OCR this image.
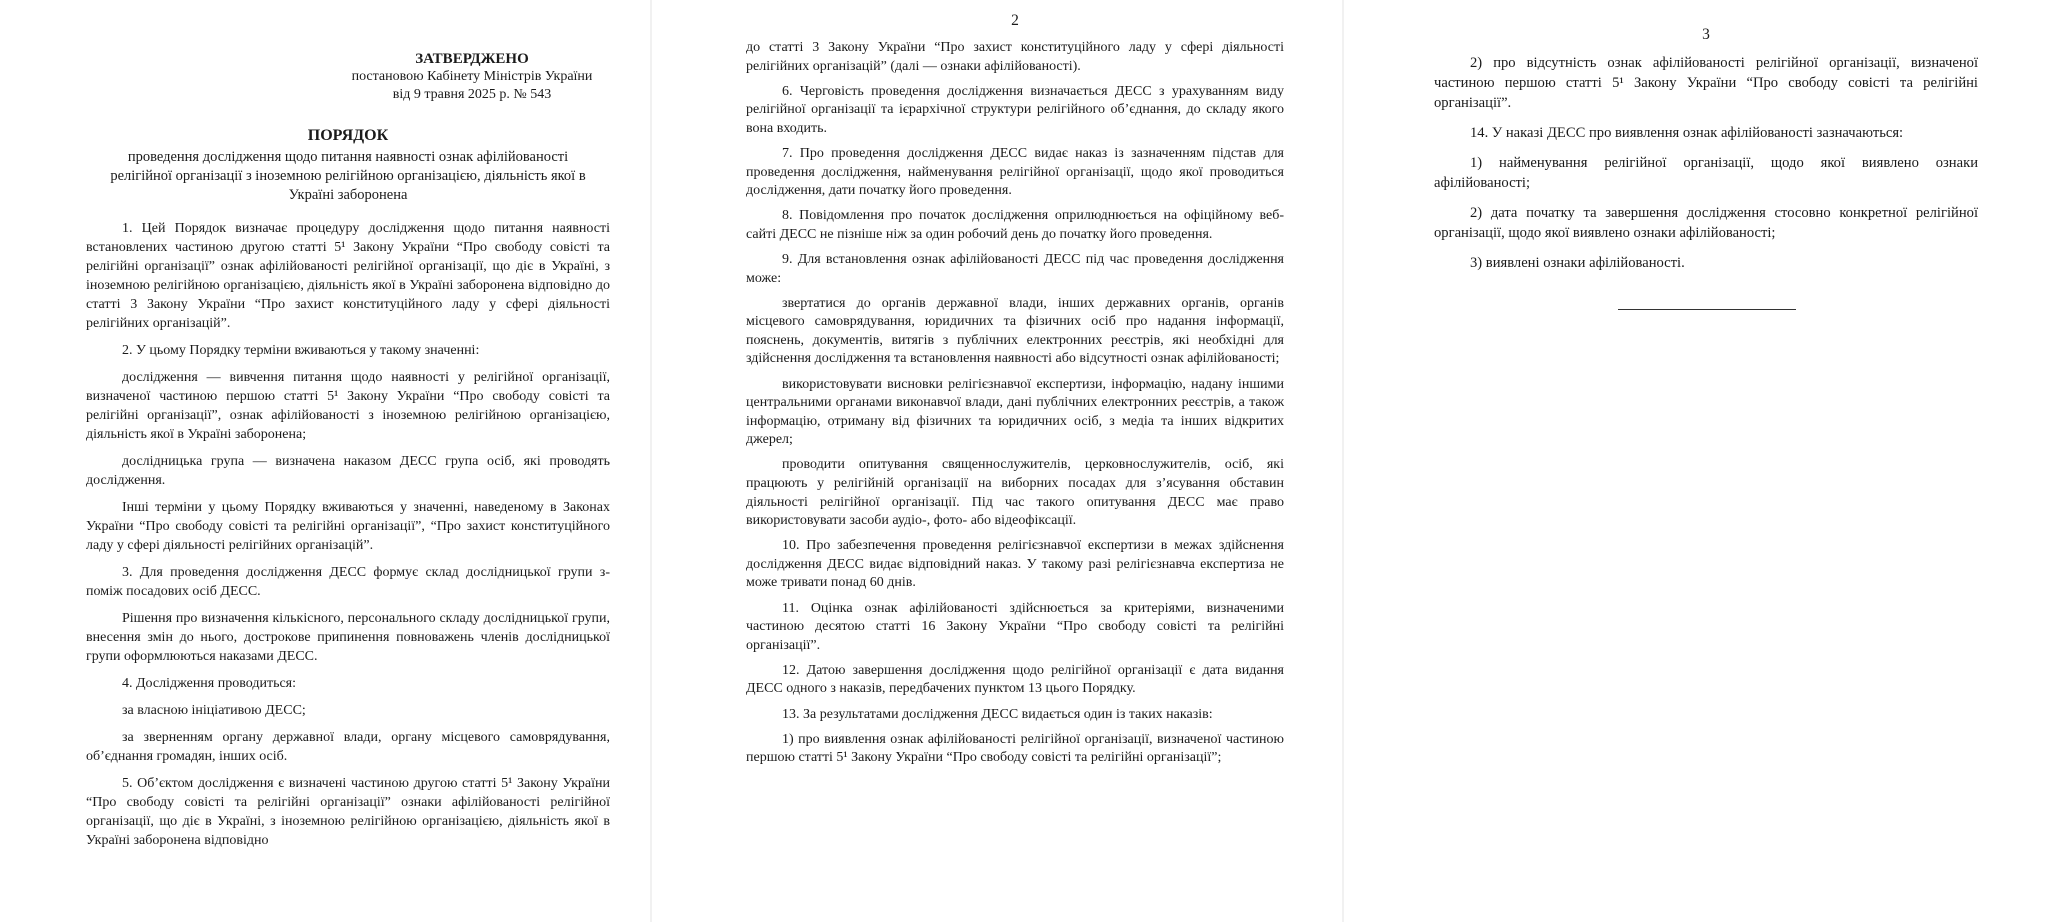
ЗАТВЕРДЖЕНО
постановою Кабінету Міністрів України
від 9 травня 2025 р. № 543
ПОРЯДОК
проведення дослідження щодо питання наявності ознак афілійованості релігійної організації з іноземною релігійною організацією, діяльність якої в Україні заборонена

1. Цей Порядок визначає процедуру дослідження щодо питання наявності встановлених частиною другою статті 5¹ Закону України “Про свободу совісті та релігійні організації” ознак афілійованості релігійної організації, що діє в Україні, з іноземною релігійною організацією, діяльність якої в Україні заборонена відповідно до статті 3 Закону України “Про захист конституційного ладу у сфері діяльності релігійних організацій”.

2. У цьому Порядку терміни вживаються у такому значенні:

дослідження — вивчення питання щодо наявності у релігійної організації, визначеної частиною першою статті 5¹ Закону України “Про свободу совісті та релігійні організації”, ознак афілійованості з іноземною релігійною організацією, діяльність якої в Україні заборонена;

дослідницька група — визначена наказом ДЕСС група осіб, які проводять дослідження.

Інші терміни у цьому Порядку вживаються у значенні, наведеному в Законах України “Про свободу совісті та релігійні організації”, “Про захист конституційного ладу у сфері діяльності релігійних організацій”.

3. Для проведення дослідження ДЕСС формує склад дослідницької групи з-поміж посадових осіб ДЕСС.

Рішення про визначення кількісного, персонального складу дослідницької групи, внесення змін до нього, дострокове припинення повноважень членів дослідницької групи оформлюються наказами ДЕСС.

4. Дослідження проводиться:

за власною ініціативою ДЕСС;

за зверненням органу державної влади, органу місцевого самоврядування, об’єднання громадян, інших осіб.

5. Об’єктом дослідження є визначені частиною другою статті 5¹ Закону України “Про свободу совісті та релігійні організації” ознаки афілійованості релігійної організації, що діє в Україні, з іноземною релігійною організацією, діяльність якої в Україні заборонена відповідно

2

до статті 3 Закону України “Про захист конституційного ладу у сфері діяльності релігійних організацій” (далі — ознаки афілійованості).

6. Черговість проведення дослідження визначається ДЕСС з урахуванням виду релігійної організації та ієрархічної структури релігійного об’єднання, до складу якого вона входить.

7. Про проведення дослідження ДЕСС видає наказ із зазначенням підстав для проведення дослідження, найменування релігійної організації, щодо якої проводиться дослідження, дати початку його проведення.

8. Повідомлення про початок дослідження оприлюднюється на офіційному веб-сайті ДЕСС не пізніше ніж за один робочий день до початку його проведення.

9. Для встановлення ознак афілійованості ДЕСС під час проведення дослідження може:

звертатися до органів державної влади, інших державних органів, органів місцевого самоврядування, юридичних та фізичних осіб про надання інформації, пояснень, документів, витягів з публічних електронних реєстрів, які необхідні для здійснення дослідження та встановлення наявності або відсутності ознак афілійованості;

використовувати висновки релігієзнавчої експертизи, інформацію, надану іншими центральними органами виконавчої влади, дані публічних електронних реєстрів, а також інформацію, отриману від фізичних та юридичних осіб, з медіа та інших відкритих джерел;

проводити опитування священнослужителів, церковнослужителів, осіб, які працюють у релігійній організації на виборних посадах для з’ясування обставин діяльності релігійної організації. Під час такого опитування ДЕСС має право використовувати засоби аудіо-, фото- або відеофіксації.

10. Про забезпечення проведення релігієзнавчої експертизи в межах здійснення дослідження ДЕСС видає відповідний наказ. У такому разі релігієзнавча експертиза не може тривати понад 60 днів.

11. Оцінка ознак афілійованості здійснюється за критеріями, визначеними частиною десятою статті 16 Закону України “Про свободу совісті та релігійні організації”.

12. Датою завершення дослідження щодо релігійної організації є дата видання ДЕСС одного з наказів, передбачених пунктом 13 цього Порядку.

13. За результатами дослідження ДЕСС видається один із таких наказів:

1) про виявлення ознак афілійованості релігійної організації, визначеної частиною першою статті 5¹ Закону України “Про свободу совісті та релігійні організації”;

3

2) про відсутність ознак афілійованості релігійної організації, визначеної частиною першою статті 5¹ Закону України “Про свободу совісті та релігійні організації”.

14. У наказі ДЕСС про виявлення ознак афілійованості зазначаються:

1) найменування релігійної організації, щодо якої виявлено ознаки афілійованості;

2) дата початку та завершення дослідження стосовно конкретної релігійної організації, щодо якої виявлено ознаки афілійованості;

3) виявлені ознаки афілійованості.
